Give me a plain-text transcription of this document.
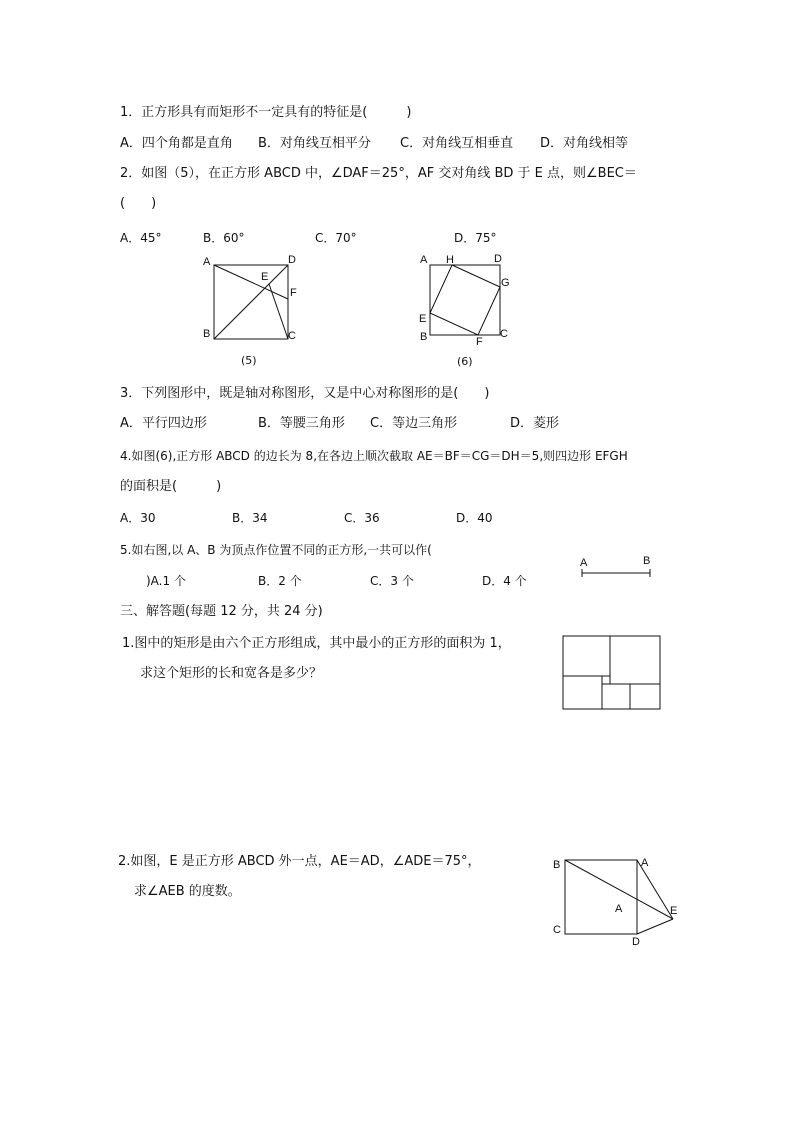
1．正方形具有而矩形不一定具有的特征是(　　　)
A．四个角都是直角 B．对角线互相平分 C．对角线互相垂直 D．对角线相等
2．如图（5），在正方形 ABCD 中，∠DAF＝25°，AF 交对角线 BD 于 E 点，则∠BEC＝
(　　)
A．45°	B．60°	C．70°	D．75°
A
B	C
D
E
F
(5)
A H	D
G
E
B	C
F
(6)
3．下列图形中，既是轴对称图形，又是中心对称图形的是(　　)
A．平行四边形	B．等腰三角形 C．等边三角形	D．菱形
4.如图(6),正方形 ABCD 的边长为 8,在各边上顺次截取 AE＝BF＝CG＝DH＝5,则四边形 EFGH
的面积是(　　　)
A．30	B．34	C．36	D．40
5.如右图,以 A、B 为顶点作位置不同的正方形,一共可以作(
)A.1 个	B．2 个	C．3 个	D．4 个
A	B
三、解答题(每题 12 分，共 24 分)
1.图中的矩形是由六个正方形组成，其中最小的正方形的面积为 1，
求这个矩形的长和宽各是多少？
2.如图，E 是正方形 ABCD 外一点，AE＝AD，∠ADE＝75°，
求∠AEB 的度数。
B	A
A	E
C
D
